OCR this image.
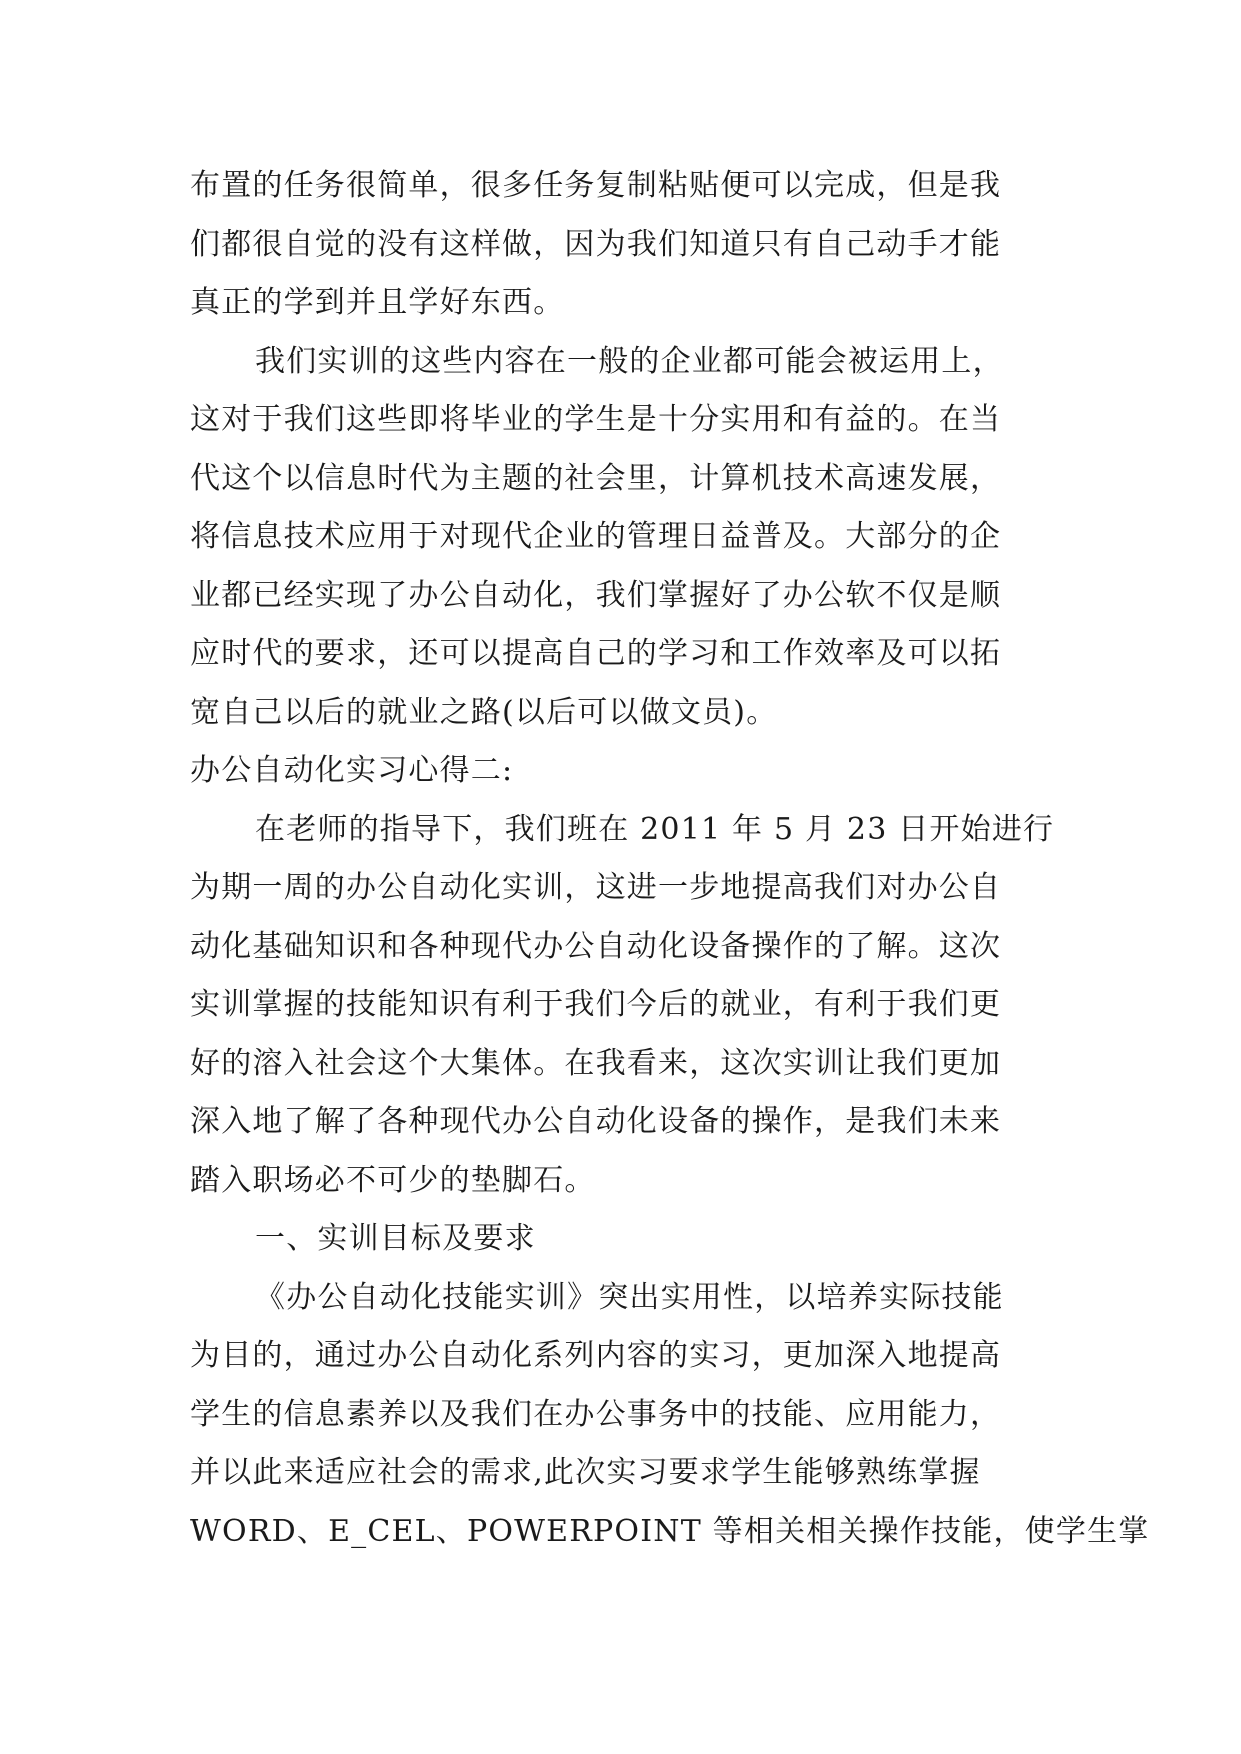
布置的任务很简单，很多任务复制粘贴便可以完成，但是我
们都很自觉的没有这样做，因为我们知道只有自己动手才能
真正的学到并且学好东西。
我们实训的这些内容在一般的企业都可能会被运用上，
这对于我们这些即将毕业的学生是十分实用和有益的。在当
代这个以信息时代为主题的社会里，计算机技术高速发展，
将信息技术应用于对现代企业的管理日益普及。大部分的企
业都已经实现了办公自动化，我们掌握好了办公软不仅是顺
应时代的要求，还可以提高自己的学习和工作效率及可以拓
宽自己以后的就业之路(以后可以做文员)。
办公自动化实习心得二:
在老师的指导下，我们班在 2011 年 5 月 23 日开始进行
为期一周的办公自动化实训，这进一步地提高我们对办公自
动化基础知识和各种现代办公自动化设备操作的了解。这次
实训掌握的技能知识有利于我们今后的就业，有利于我们更
好的溶入社会这个大集体。在我看来，这次实训让我们更加
深入地了解了各种现代办公自动化设备的操作，是我们未来
踏入职场必不可少的垫脚石。
一、实训目标及要求
《办公自动化技能实训》突出实用性，以培养实际技能
为目的，通过办公自动化系列内容的实习，更加深入地提高
学生的信息素养以及我们在办公事务中的技能、应用能力，
并以此来适应社会的需求,此次实习要求学生能够熟练掌握
WORD、E_CEL、POWERPOINT 等相关相关操作技能，使学生掌
